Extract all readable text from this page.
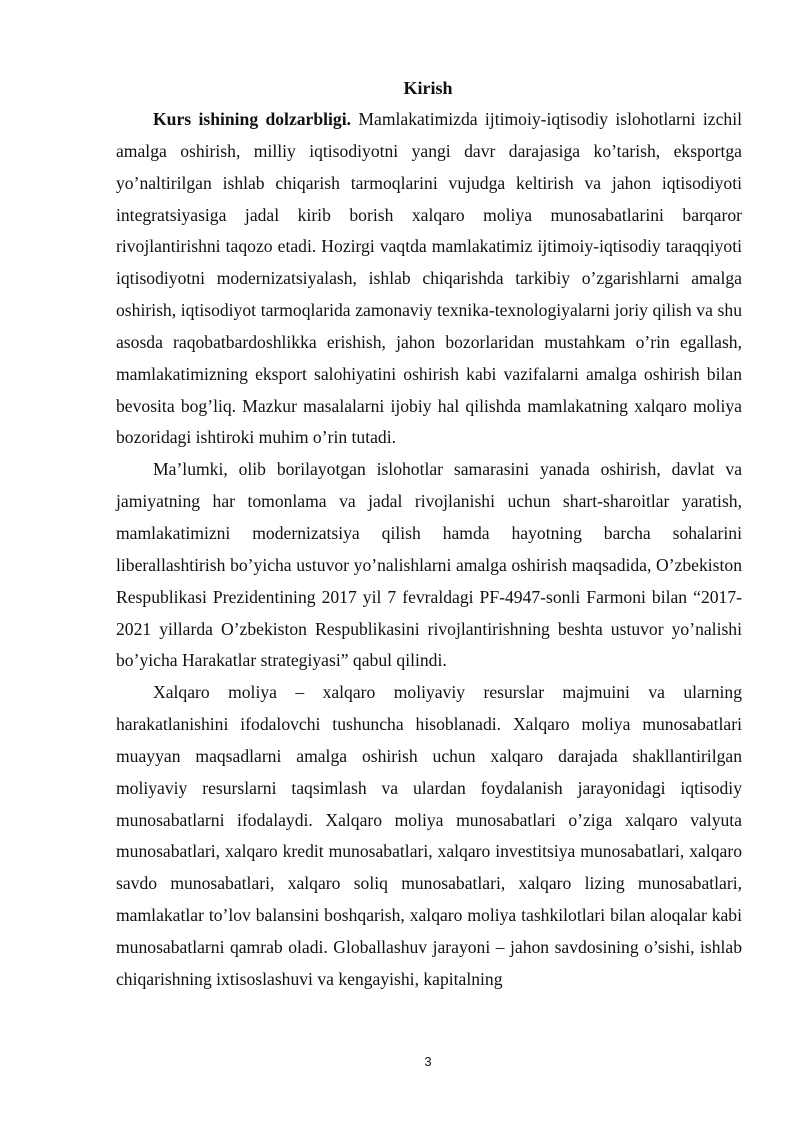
Kirish

Kurs ishining dolzarbligi. Mamlakatimizda ijtimoiy-iqtisodiy islohotlarni izchil amalga oshirish, milliy iqtisodiyotni yangi davr darajasiga ko’tarish, eksportga yo’naltirilgan ishlab chiqarish tarmoqlarini vujudga keltirish va jahon iqtisodiyoti integratsiyasiga jadal kirib borish xalqaro moliya munosabatlarini barqaror rivojlantirishni taqozo etadi. Hozirgi vaqtda mamlakatimiz ijtimoiy-iqtisodiy taraqqiyoti iqtisodiyotni modernizatsiyalash, ishlab chiqarishda tarkibiy o’zgarishlarni amalga oshirish, iqtisodiyot tarmoqlarida zamonaviy texnika-texnologiyalarni joriy qilish va shu asosda raqobatbardoshlikka erishish, jahon bozorlaridan mustahkam o’rin egallash, mamlakatimizning eksport salohiyatini oshirish kabi vazifalarni amalga oshirish bilan bevosita bog’liq. Mazkur masalalarni ijobiy hal qilishda mamlakatning xalqaro moliya bozoridagi ishtiroki muhim o’rin tutadi.

Ma’lumki, olib borilayotgan islohotlar samarasini yanada oshirish, davlat va jamiyatning har tomonlama va jadal rivojlanishi uchun shart-sharoitlar yaratish, mamlakatimizni modernizatsiya qilish hamda hayotning barcha sohalarini liberallashtirish bo’yicha ustuvor yo’nalishlarni amalga oshirish maqsadida, O’zbekiston Respublikasi Prezidentining 2017 yil 7 fevraldagi PF-4947-sonli Farmoni bilan “2017- 2021 yillarda O’zbekiston Respublikasini rivojlantirishning beshta ustuvor yo’nalishi bo’yicha Harakatlar strategiyasi” qabul qilindi.

Xalqaro moliya – xalqaro moliyaviy resurslar majmuini va ularning harakatlanishini ifodalovchi tushuncha hisoblanadi. Xalqaro moliya munosabatlari muayyan maqsadlarni amalga oshirish uchun xalqaro darajada shakllantirilgan moliyaviy resurslarni taqsimlash va ulardan foydalanish jarayonidagi iqtisodiy munosabatlarni ifodalaydi. Xalqaro moliya munosabatlari o’ziga xalqaro valyuta munosabatlari, xalqaro kredit munosabatlari, xalqaro investitsiya munosabatlari, xalqaro savdo munosabatlari, xalqaro soliq munosabatlari, xalqaro lizing munosabatlari, mamlakatlar to’lov balansini boshqarish, xalqaro moliya tashkilotlari bilan aloqalar kabi munosabatlarni qamrab oladi. Globallashuv jarayoni – jahon savdosining o’sishi, ishlab chiqarishning ixtisoslashuvi va kengayishi, kapitalning

3
